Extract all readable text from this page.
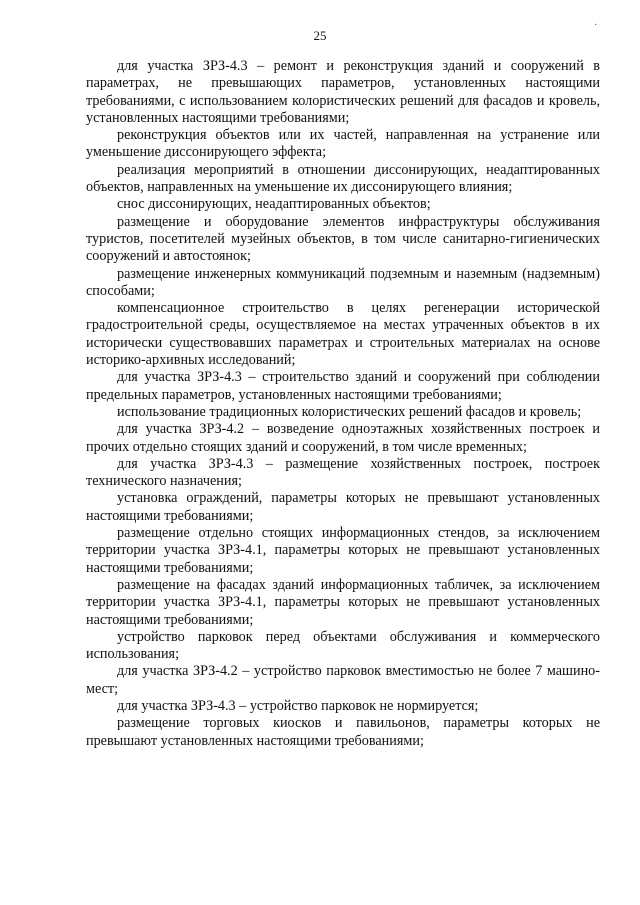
25
·

для участка ЗРЗ-4.3 – ремонт и реконструкция зданий и сооружений в параметрах, не превышающих параметров, установленных настоящими требованиями, с использованием колористических решений для фасадов и кровель, установленных настоящими требованиями;

реконструкция объектов или их частей, направленная на устранение или уменьшение диссонирующего эффекта;

реализация мероприятий в отношении диссонирующих, неадаптированных объектов, направленных на уменьшение их диссонирующего влияния;

снос диссонирующих, неадаптированных объектов;

размещение и оборудование элементов инфраструктуры обслуживания туристов, посетителей музейных объектов, в том числе санитарно-гигиенических сооружений и автостоянок;

размещение инженерных коммуникаций подземным и наземным (надземным) способами;

компенсационное строительство в целях регенерации исторической градостроительной среды, осуществляемое на местах утраченных объектов в их исторически существовавших параметрах и строительных материалах на основе историко-архивных исследований;

для участка ЗРЗ-4.3 – строительство зданий и сооружений при соблюдении предельных параметров, установленных настоящими требованиями;

использование традиционных колористических решений фасадов и кровель;

для участка ЗРЗ-4.2 – возведение одноэтажных хозяйственных построек и прочих отдельно стоящих зданий и сооружений, в том числе временных;

для участка ЗРЗ-4.3 – размещение хозяйственных построек, построек технического назначения;

установка ограждений, параметры которых не превышают установленных настоящими требованиями;

размещение отдельно стоящих информационных стендов, за исключением территории участка ЗРЗ-4.1, параметры которых не превышают установленных настоящими требованиями;

размещение на фасадах зданий информационных табличек, за исключением территории участка ЗРЗ-4.1, параметры которых не превышают установленных настоящими требованиями;

устройство парковок перед объектами обслуживания и коммерческого использования;

для участка ЗРЗ-4.2 – устройство парковок вместимостью не более 7 машино-мест;

для участка ЗРЗ-4.3 – устройство парковок не нормируется;

размещение торговых киосков и павильонов, параметры которых не превышают установленных настоящими требованиями;
